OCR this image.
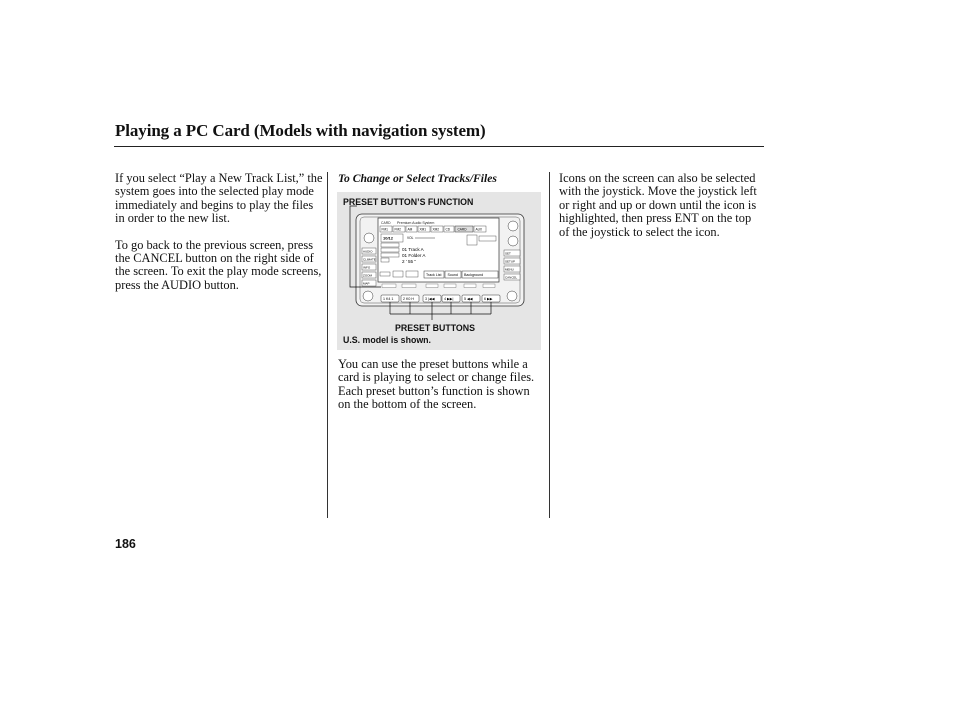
Playing a PC Card (Models with navigation system)

If you select “Play a New Track List,” the system goes into the selected play mode immediately and begins to play the files in order to the new list.

To go back to the previous screen, press the CANCEL button on the right side of the screen. To exit the play mode screens, press the AUDIO button.

To Change or Select Tracks/Files
PRESET BUTTON’S FUNCTION
Premium Audio System
CARD
FM1 FM2 AM XM1 XM2 CD CARD	AUX
10/12	VOL
01 Track A
01 Folder A
2 ' 55 "
Track List Sound Background
AUDIO
CLIMATE
INFO
ZOOM
MAP
SET
SETUP
MENU
CANCEL
1 K4 1	2 K0 H	3 |◀◀	4 ▶▶|	5 ◀◀	6 ▶▶
PRESET BUTTONS
U.S. model is shown.

You can use the preset buttons while a card is playing to select or change files. Each preset button’s function is shown on the bottom of the screen.

Icons on the screen can also be selected with the joystick. Move the joystick left or right and up or down until the icon is highlighted, then press ENT on the top of the joystick to select the icon.

186
